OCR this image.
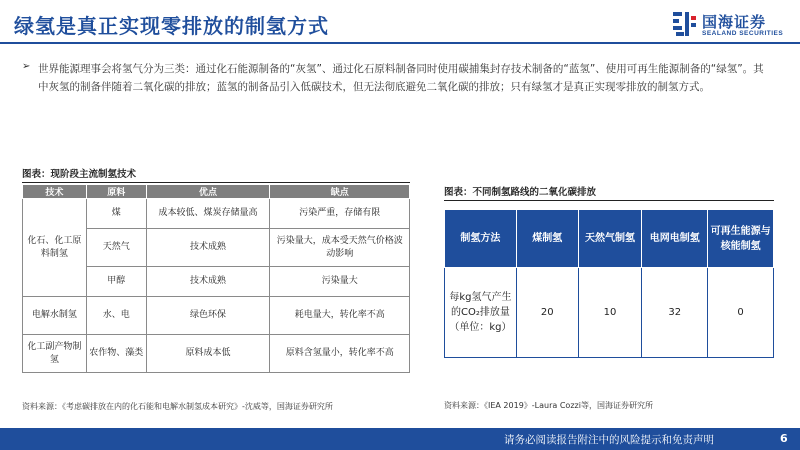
绿氢是真正实现零排放的制氢方式	国海证券
SEALAND SECURITIES
➢ 世界能源理事会将氢气分为三类：通过化石能源制备的“灰氢”、通过化石原料制备同时使用碳捕集封存技术制备的“蓝氢”、使用可再生能源制备的“绿氢”。其中灰氢的制备伴随着二氧化碳的排放；蓝氢的制备品引入低碳技术，但无法彻底避免二氧化碳的排放；只有绿氢才是真正实现零排放的制氢方式。
图表：现阶段主流制氢技术
技术	原料	优点	缺点
化石、化工原料制氢	煤	成本较低、煤炭存储量高	污染严重，存储有限
	天然气	技术成熟	污染量大，成本受天然气价格波动影响
	甲醇	技术成熟	污染量大
电解水制氢	水、电	绿色环保	耗电量大，转化率不高
化工副产物制氢	农作物、藻类	原料成本低	原料含氢量小，转化率不高
资料来源：《考虑碳排放在内的化石能和电解水制氢成本研究》-沈威等，国海证券研究所
图表：不同制氢路线的二氧化碳排放
制氢方法	煤制氢	天然气制氢	电网电制氢	可再生能源与核能制氢
每kg氢气产生的CO₂排放量（单位：kg）	20	10	32	0
资料来源：《IEA 2019》-Laura Cozzi等，国海证券研究所
请务必阅读报告附注中的风险提示和免责声明	6
